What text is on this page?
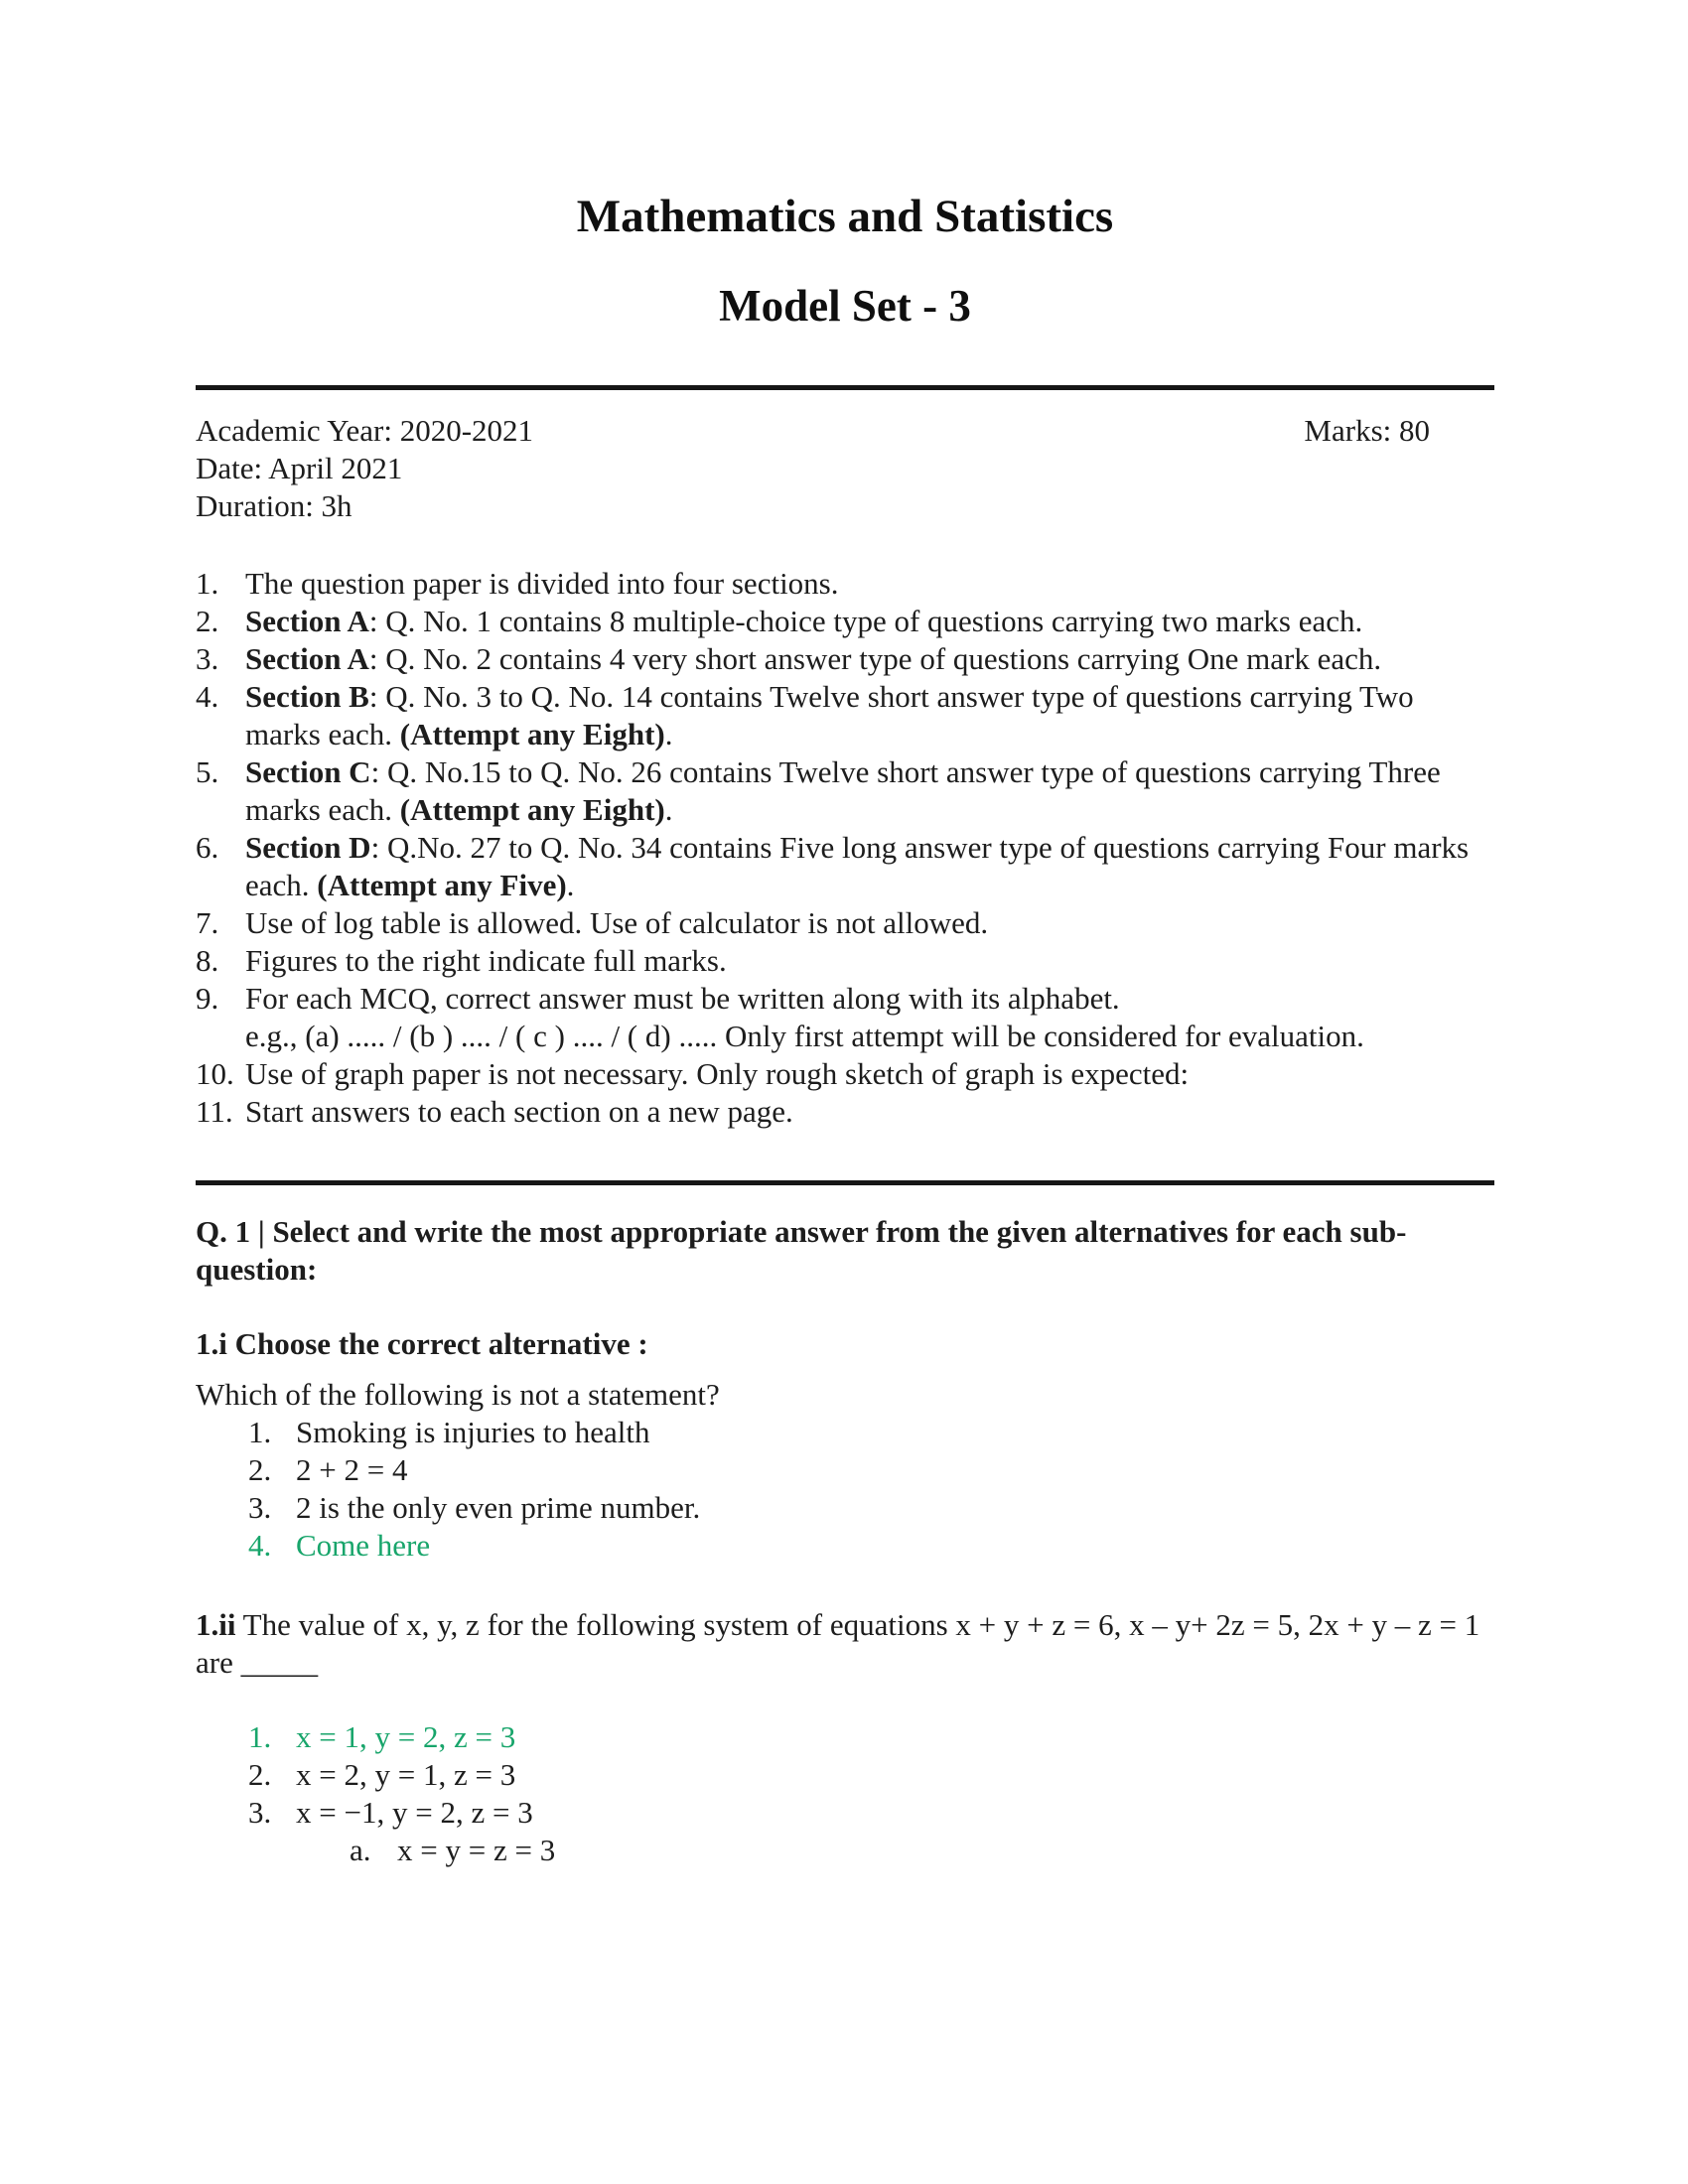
Mathematics and Statistics
Model Set - 3
Academic Year: 2020-2021	Marks: 80
Date: April 2021
Duration: 3h
1. The question paper is divided into four sections.
2. Section A: Q. No. 1 contains 8 multiple-choice type of questions carrying two marks each.
3. Section A: Q. No. 2 contains 4 very short answer type of questions carrying One mark each.
4. Section B: Q. No. 3 to Q. No. 14 contains Twelve short answer type of questions carrying Two marks each. (Attempt any Eight).
5. Section C: Q. No.15 to Q. No. 26 contains Twelve short answer type of questions carrying Three marks each. (Attempt any Eight).
6. Section D: Q.No. 27 to Q. No. 34 contains Five long answer type of questions carrying Four marks each. (Attempt any Five).
7. Use of log table is allowed. Use of calculator is not allowed.
8. Figures to the right indicate full marks.
9. For each MCQ, correct answer must be written along with its alphabet.
e.g., (a) ..... / (b ) .... / ( c ) .... / ( d) ..... Only first attempt will be considered for evaluation.
10. Use of graph paper is not necessary. Only rough sketch of graph is expected:
11. Start answers to each section on a new page.

Q. 1 | Select and write the most appropriate answer from the given alternatives for each sub-question:

1.i Choose the correct alternative :

Which of the following is not a statement?

1. Smoking is injuries to health
2. 2 + 2 = 4
3. 2 is the only even prime number.
4. Come here

1.ii The value of x, y, z for the following system of equations x + y + z = 6, x – y+ 2z = 5, 2x + y – z = 1 are _____

1. x = 1, y = 2, z = 3
2. x = 2, y = 1, z = 3
3. x = −1, y = 2, z = 3
a. x = y = z = 3
